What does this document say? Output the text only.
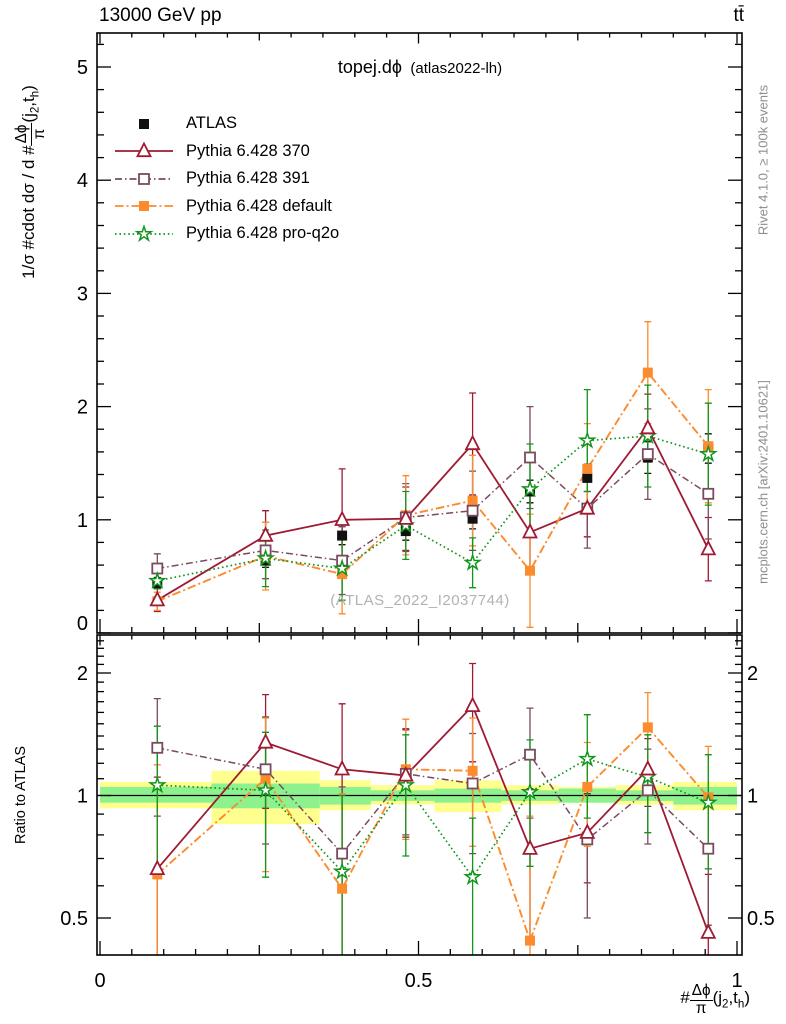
0	0.5	1
0
1
2
3
4
5
0.5	0.5
1	1
2	2
13000 GeV pp	tt̄
topej.dϕ (atlas2022-lh)
ATLAS
Pythia 6.428 370
Pythia 6.428 391
Pythia 6.428 default
Pythia 6.428 pro-q2o
(ATLAS_2022_I2037744)
Rivet 4.1.0, ≥ 100k events
mcplots.cern.ch [arXiv:2401.10621]
1/σ #cdot dσ / d #
Δϕ π
$(j_2,t_h)$
Ratio to ATLAS
# $\frac{\Delta\phi}{\pi} (j_2,t_h)$
